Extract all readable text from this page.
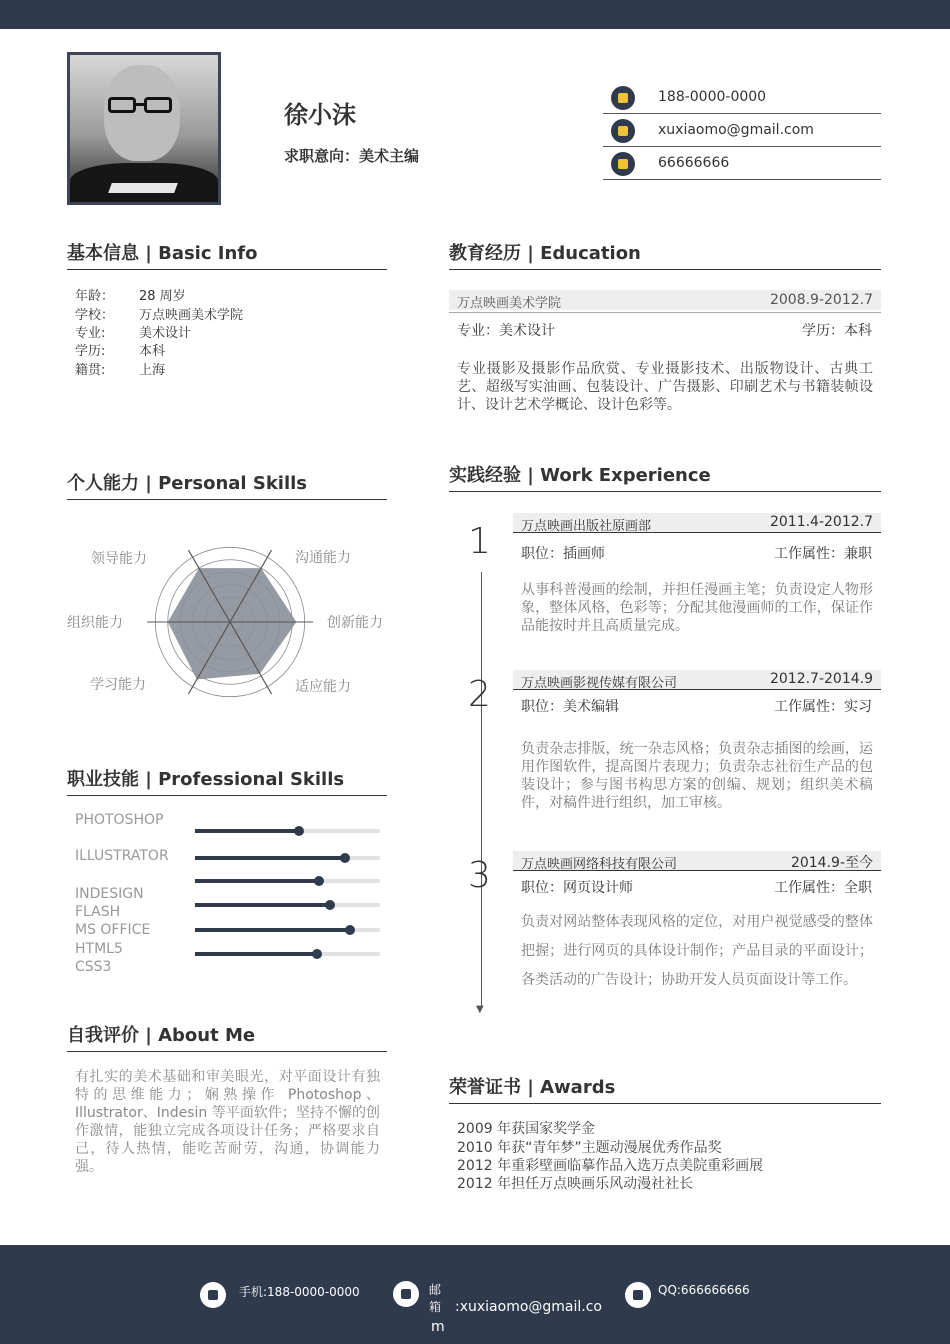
徐小沫
求职意向：美术主编
188-0000-0000
xuxiaomo@gmail.com
66666666
基本信息 | Basic Info
年龄： 28 周岁
学校： 万点映画美术学院
专业:	美术设计
学历:	本科
籍贯:	上海
个人能力 | Personal Skills
沟通能力
创新能力
适应能力
学习能力
组织能力
领导能力
职业技能 | Professional Skills
PHOTOSHOP
ILLUSTRATOR
INDESIGN
FLASH
MS OFFICE
HTML5
CSS3
自我评价 | About Me
有扎实的美术基础和审美眼光，对平面设计有独特的思维能力；娴熟操作 Photoshop、Illustrator、Indesin 等平面软件；坚持不懈的创作激情，能独立完成各项设计任务；严格要求自己，待人热情，能吃苦耐劳，沟通，协调能力强。
教育经历 | Education
万点映画美术学院	2008.9-2012.7
专业：美术设计	学历：本科
专业摄影及摄影作品欣赏、专业摄影技术、出版物设计、古典工艺、超级写实油画、包装设计、广告摄影、印刷艺术与书籍装帧设计、设计艺术学概论、设计色彩等。
实践经验 | Work Experience
▼
1 万点映画出版社原画部	2011.4-2012.7
职位：插画师	工作属性：兼职
从事科普漫画的绘制，并担任漫画主笔；负责设定人物形象，整体风格，色彩等；分配其他漫画师的工作，保证作品能按时并且高质量完成。
2 万点映画影视传媒有限公司	2012.7-2014.9
职位：美术编辑	工作属性：实习
负责杂志排版，统一杂志风格；负责杂志插图的绘画，运用作图软件，提高图片表现力；负责杂志社衍生产品的包装设计；参与图书构思方案的创编、规划；组织美术稿件，对稿件进行组织，加工审核。
3 万点映画网络科技有限公司	2014.9-至今
职位：网页设计师	工作属性：全职
负责对网站整体表现风格的定位，对用户视觉感受的整体把握；进行网页的具体设计制作；产品目录的平面设计；各类活动的广告设计；协助开发人员页面设计等工作。
荣誉证书 | Awards
2009 年获国家奖学金
2010 年获“青年梦”主题动漫展优秀作品奖
2012 年重彩壁画临摹作品入选万点美院重彩画展
2012 年担任万点映画乐风动漫社社长
手机:188-0000-0000	邮箱 :xuxiaomo@gmail.co
m
QQ:666666666
